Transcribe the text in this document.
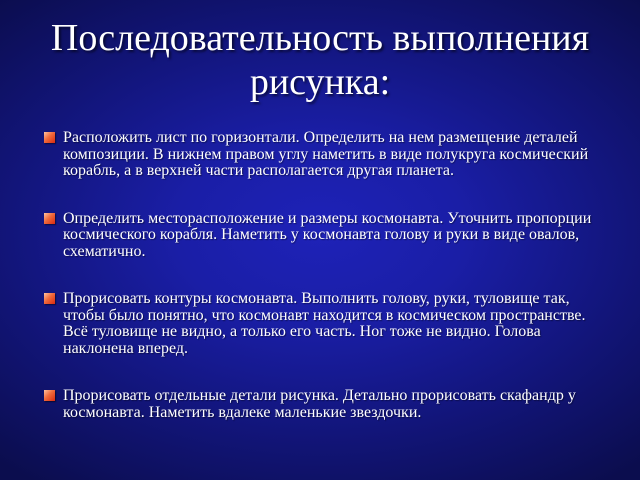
Последовательность выполнения рисунка:
Расположить лист по горизонтали. Определить на нем размещение деталей композиции. В нижнем правом углу наметить в виде полукруга космический корабль, а в верхней части располагается другая планета.
Определить месторасположение и размеры космонавта. Уточнить пропорции космического корабля. Наметить у космонавта голову и руки в виде овалов, схематично.
Прорисовать контуры космонавта. Выполнить голову, руки, туловище так, чтобы было понятно, что космонавт находится в космическом пространстве. Всё туловище не видно, а только его часть. Ног тоже не видно. Голова наклонена вперед.
Прорисовать отдельные детали рисунка. Детально прорисовать скафандр у космонавта. Наметить вдалеке маленькие звездочки.
